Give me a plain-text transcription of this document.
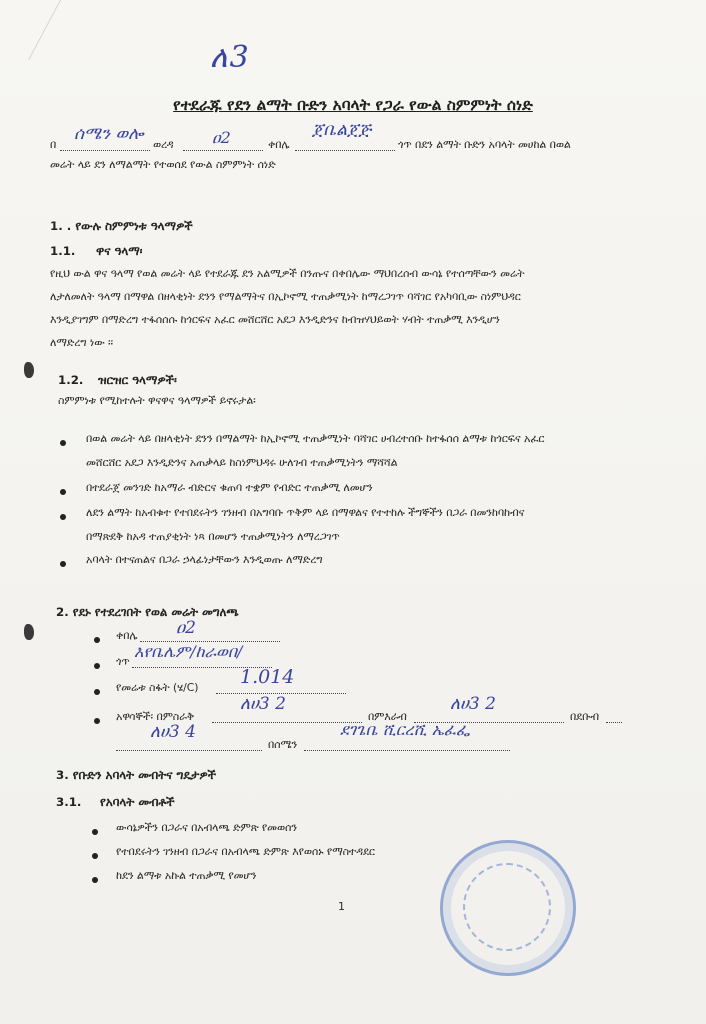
ለ3
የተደራጁ የደን ልማት ቡድን አባላት የጋራ የውል ስምምነት ሰነድ
በ
ሰሜን ወሎ
ወረዳ ዐ2	ቀበሌ
ጀቤልጀጅ
ጎጥ በደን ልማት ቡድን አባላት መሀከል በወል
መሬት ላይ ደን ለማልማት የተወሰደ የውል ስምምነት ሰነድ
1. . የውሉ ስምምነቱ ዓላማዎች
1.1. ዋና ዓላማ፡
የዚህ ውል ዋና ዓላማ የወል መሬት ላይ የተደራጁ ደን አልሚዎች በንጡና በቀበሌው ማህበረሰብ ውሳኔ የተሰጣቸውን መሬት
ለታለመለት ዓላማ በማዋል በዘላቂነት ደንን የማልማትና በኢኮኖሚ ተጠቃሚነት ከማረጋገጥ ባሻገር የአካባቢው ስነምህዳር
እንዲያገግም በማድረግ ተፋሰሰሱ ከጎርፍና አፈር መሸርሸር አደጋ እንዲድንና ከብዝሃህይወት ሃብት ተጠቃሚ እንዲሆን
ለማድረግ ነው ፡፡
1.2. ዝርዝር ዓላማዎች፡
ስምምነቱ የሚከተሉት ዋናዋና ዓላማዎች ይኖሩታል፡
በወል መሬት ላይ በዘላቂነት ደንን በማልማት ከኢኮኖሚ ተጠቃሚነት ባሻገር ሀብረተሰቡ ከተፋሰሰ ልማቱ ከጎርፍና አፈር
መሸርሸር አደጋ እንዲድንና አጠቃላይ ከስነምህዳሩ ሁለገብ ተጠቃሚነትን ማሻሻል
በተደራጀ መንገድ ከአማራ ብድርና ቁጠባ ተቋም የብድር ተጠቃሚ ለመሆን
ለደን ልማት ከአብቁተ የተበደሩትን ገንዘብ በአግባቡ ጥቅም ላይ በማዋልና የተተከሉ ችግኞችን በጋራ በመንከባከብና
በማጽደቅ ከአዳ ተጠያቂነት ነጻ በመሆን ተጠቃሚነትን ለማረጋገጥ
አባላት በተናጠልና በጋራ ኃላፊነታቸውን እንዲወጡ ለማድረግ
2. የደኑ የተደረገበት የወል መሬት መግለጫ
ቀበሌ ዐ2
ጎጥ
እየቤሌም/ከራወበ/
የመሬቱ ስፋት (ሄ/C) 1.014
አዋሳኞች፡ በምስራቅ
ለሀ3 2
በምእራብ
ለሀ3 2
በደቡብ
ለሀ3 4
በሰሜን
ደገጌቤ ሺርረሺ ኤፈፌ
3. የቡድን አባላት መብትና ግዴታዎች
3.1. የአባላት መብቶች
ውሳኔዎችን በጋራና በአብላጫ ድምጽ የመወሰን
የተበደሩትን ገንዘብ በጋራና በአብላጫ ድምጽ እየወሰኑ የማስተዳደር
ከደን ልማቱ አኩል ተጠቃሚ የመሆን
1
